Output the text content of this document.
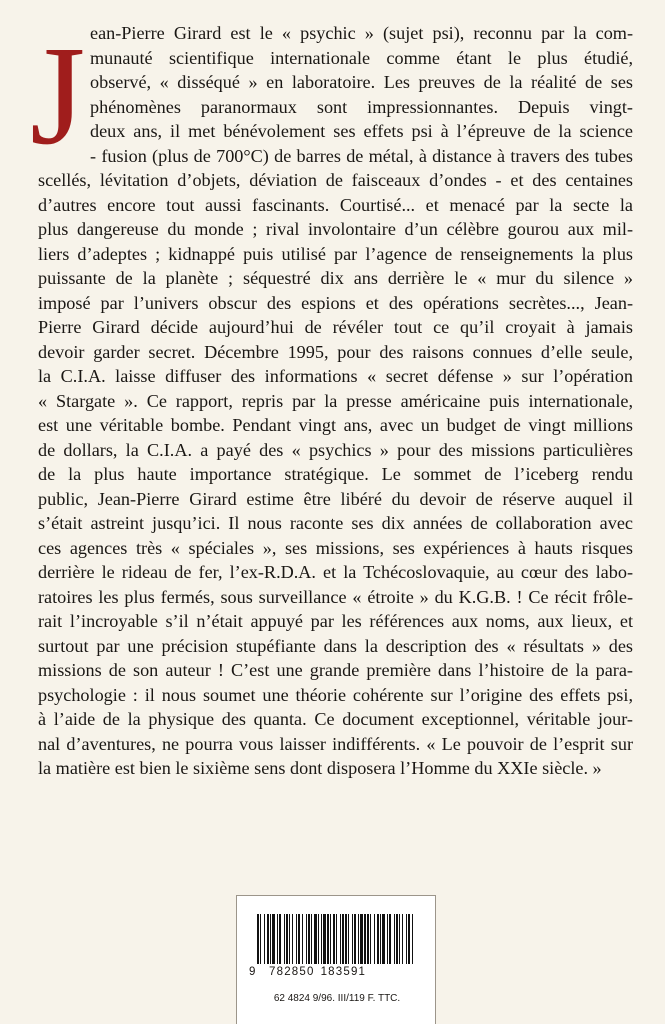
J ean-Pierre Girard est le « psychic » (sujet psi), reconnu par la com-
munauté scientifique internationale comme étant le plus étudié,
observé, « disséqué » en laboratoire. Les preuves de la réalité de ses
phénomènes paranormaux sont impressionnantes. Depuis vingt-
deux ans, il met bénévolement ses effets psi à l’épreuve de la science
- fusion (plus de 700°C) de barres de métal, à distance à travers des tubes
scellés, lévitation d’objets, déviation de faisceaux d’ondes - et des centaines
d’autres encore tout aussi fascinants. Courtisé... et menacé par la secte la
plus dangereuse du monde ; rival involontaire d’un célèbre gourou aux mil-
liers d’adeptes ; kidnappé puis utilisé par l’agence de renseignements la plus
puissante de la planète ; séquestré dix ans derrière le « mur du silence »
imposé par l’univers obscur des espions et des opérations secrètes..., Jean-
Pierre Girard décide aujourd’hui de révéler tout ce qu’il croyait à jamais
devoir garder secret. Décembre 1995, pour des raisons connues d’elle seule,
la C.I.A. laisse diffuser des informations « secret défense » sur l’opération
« Stargate ». Ce rapport, repris par la presse américaine puis internationale,
est une véritable bombe. Pendant vingt ans, avec un budget de vingt millions
de dollars, la C.I.A. a payé des « psychics » pour des missions particulières
de la plus haute importance stratégique. Le sommet de l’iceberg rendu
public, Jean-Pierre Girard estime être libéré du devoir de réserve auquel il
s’était astreint jusqu’ici. Il nous raconte ses dix années de collaboration avec
ces agences très « spéciales », ses missions, ses expériences à hauts risques
derrière le rideau de fer, l’ex-R.D.A. et la Tchécoslovaquie, au cœur des labo-
ratoires les plus fermés, sous surveillance « étroite » du K.G.B. ! Ce récit frôle-
rait l’incroyable s’il n’était appuyé par les références aux noms, aux lieux, et
surtout par une précision stupéfiante dans la description des « résultats » des
missions de son auteur ! C’est une grande première dans l’histoire de la para-
psychologie : il nous soumet une théorie cohérente sur l’origine des effets psi,
à l’aide de la physique des quanta. Ce document exceptionnel, véritable jour-
nal d’aventures, ne pourra vous laisser indifférents. « Le pouvoir de l’esprit sur
la matière est bien le sixième sens dont disposera l’Homme du XXIe siècle. »
9	782850 183591
62 4824 9/96. III/119 F. TTC.
